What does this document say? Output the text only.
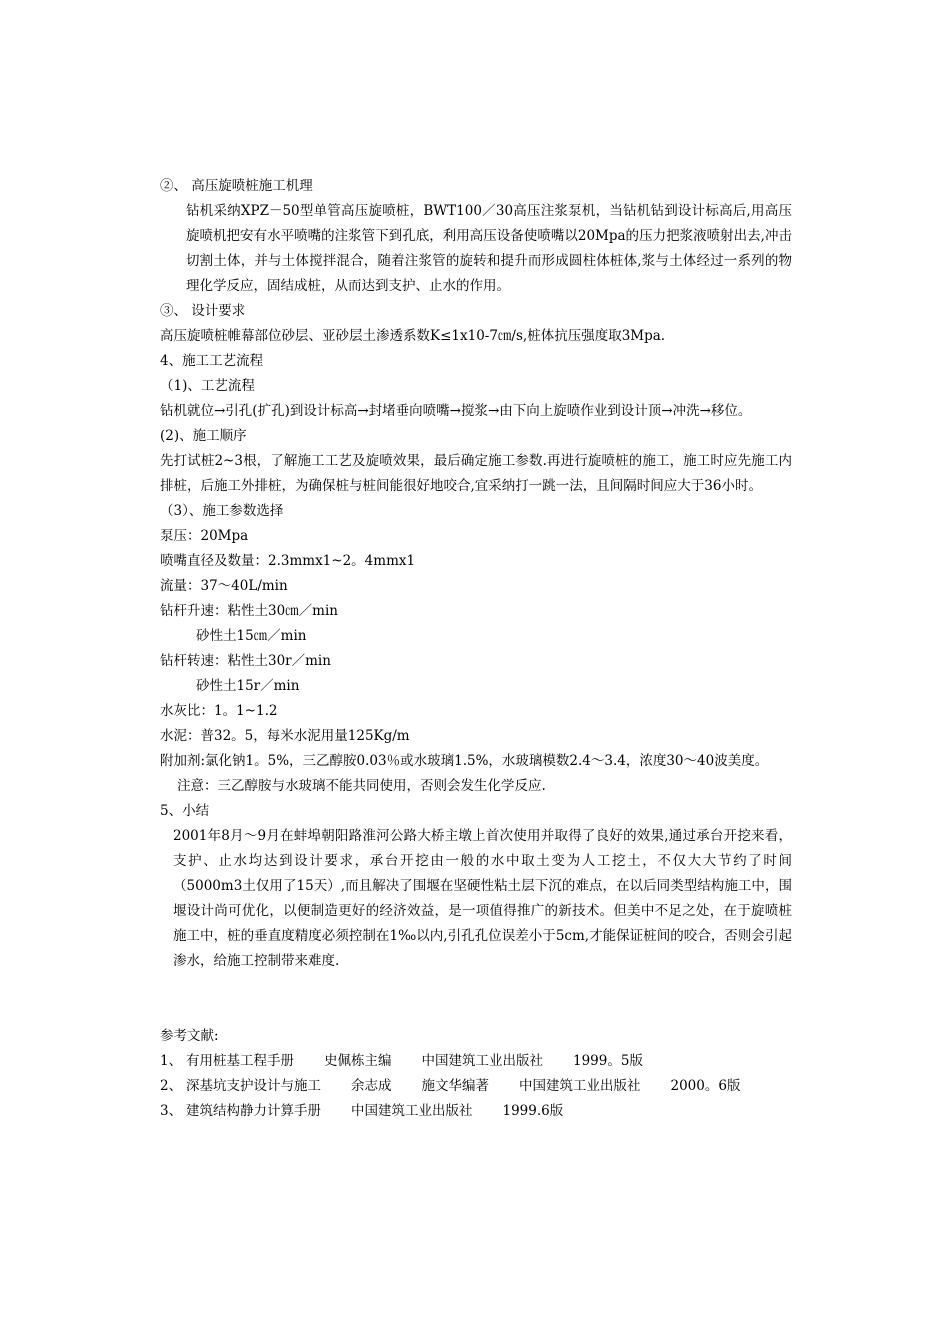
②、 高压旋喷桩施工机理
钻机采纳XPZ－50型单管高压旋喷桩，BWT100／30高压注浆泵机，当钻机钻到设计标高后,用高压旋喷机把安有水平喷嘴的注浆管下到孔底，利用高压设备使喷嘴以20Mpa的压力把浆液喷射出去,冲击切割土体，并与土体搅拌混合，随着注浆管的旋转和提升而形成圆柱体桩体,浆与土体经过一系列的物理化学反应，固结成桩，从而达到支护、止水的作用。
③、 设计要求
高压旋喷桩帷幕部位砂层、亚砂层土渗透系数K≤1x10-7㎝/s,桩体抗压强度取3Mpa.
4、施工工艺流程
（1)、工艺流程
钻机就位→引孔(扩孔)到设计标高→封堵垂向喷嘴→搅浆→由下向上旋喷作业到设计顶→冲洗→移位。
(2)、施工顺序
先打试桩2~3根，了解施工工艺及旋喷效果，最后确定施工参数.再进行旋喷桩的施工，施工时应先施工内排桩，后施工外排桩，为确保桩与桩间能很好地咬合,宜采纳打一跳一法，且间隔时间应大于36小时。
（3）、施工参数选择
泵压：20Mpa
喷嘴直径及数量：2.3mmx1~2。4mmx1
流量：37～40L/min
钻杆升速：粘性土30㎝／min
砂性土15㎝／min
钻杆转速：粘性土30r／min
砂性土15r／min
水灰比：1。1~1.2
水泥：普32。5，每米水泥用量125Kg/m
附加剂:氯化钠1。5%，三乙醇胺0.03％或水玻璃1.5%，水玻璃模数2.4～3.4，浓度30～40波美度。
注意：三乙醇胺与水玻璃不能共同使用，否则会发生化学反应.
5、小结
2001年8月～9月在蚌埠朝阳路淮河公路大桥主墩上首次使用并取得了良好的效果,通过承台开挖来看，支护、止水均达到设计要求，承台开挖由一般的水中取土变为人工挖土，不仅大大节约了时间（5000m3土仅用了15天）,而且解决了围堰在坚硬性粘土层下沉的难点，在以后同类型结构施工中，围堰设计尚可优化，以便制造更好的经济效益，是一项值得推广的新技术。但美中不足之处，在于旋喷桩施工中，桩的垂直度精度必须控制在1‰以内,引孔孔位误差小于5cm,才能保证桩间的咬合，否则会引起渗水，给施工控制带来难度.
参考文献:
1、 有用桩基工程手册 史佩栋主编 中国建筑工业出版社 1999。5版
2、 深基坑支护设计与施工 余志成 施文华编著 中国建筑工业出版社 2000。6版
3、 建筑结构静力计算手册 中国建筑工业出版社 1999.6版
